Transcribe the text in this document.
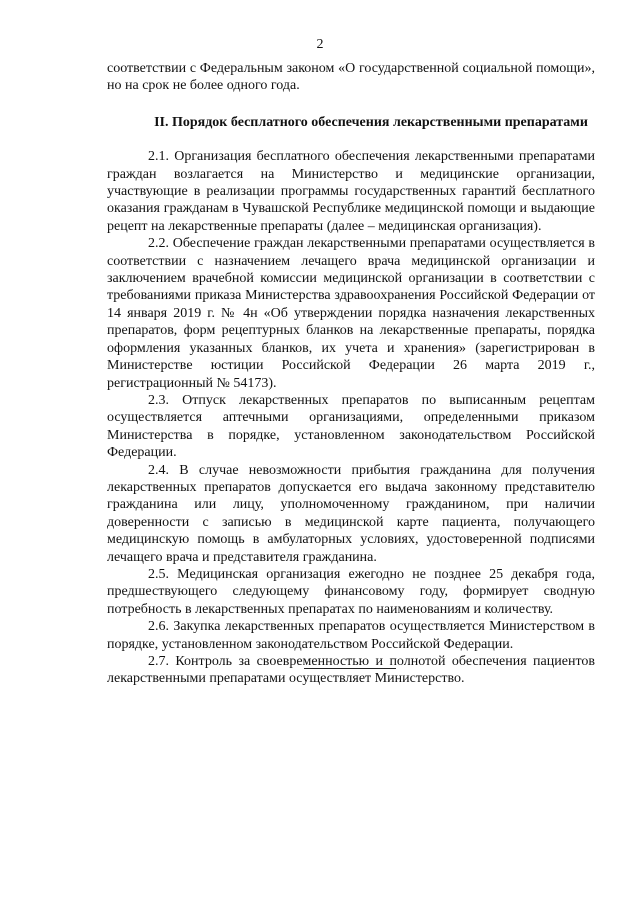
2

соответствии с Федеральным законом «О государственной социальной помощи», но на срок не более одного года.

II. Порядок бесплатного обеспечения лекарственными препаратами

2.1. Организация бесплатного обеспечения лекарственными препаратами граждан возлагается на Министерство и медицинские организации, участвующие в реализации программы государственных гарантий бесплатного оказания гражданам в Чувашской Республике медицинской помощи и выдающие рецепт на лекарственные препараты (далее – медицинская организация).

2.2. Обеспечение граждан лекарственными препаратами осуществляется в соответствии с назначением лечащего врача медицинской организации и заключением врачебной комиссии медицинской организации в соответствии с требованиями приказа Министерства здравоохранения Российской Федерации от 14 января 2019 г. № 4н «Об утверждении порядка назначения лекарственных препаратов, форм рецептурных бланков на лекарственные препараты, порядка оформления указанных бланков, их учета и хранения» (зарегистрирован в Министерстве юстиции Российской Федерации 26 марта 2019 г., регистрационный № 54173).

2.3. Отпуск лекарственных препаратов по выписанным рецептам осуществляется аптечными организациями, определенными приказом Министерства в порядке, установленном законодательством Российской Федерации.

2.4. В случае невозможности прибытия гражданина для получения лекарственных препаратов допускается его выдача законному представителю гражданина или лицу, уполномоченному гражданином, при наличии доверенности с записью в медицинской карте пациента, получающего медицинскую помощь в амбулаторных условиях, удостоверенной подписями лечащего врача и представителя гражданина.

2.5. Медицинская организация ежегодно не позднее 25 декабря года, предшествующего следующему финансовому году, формирует сводную потребность в лекарственных препаратах по наименованиям и количеству.

2.6. Закупка лекарственных препаратов осуществляется Министерством в порядке, установленном законодательством Российской Федерации.

2.7. Контроль за своевременностью и полнотой обеспечения пациентов лекарственными препаратами осуществляет Министерство.
